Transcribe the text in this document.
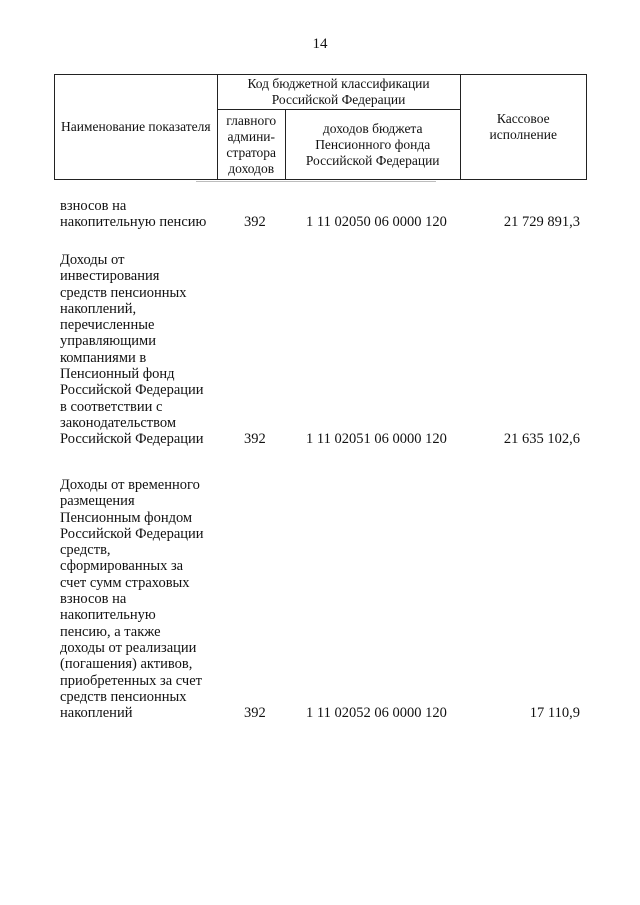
14
Наименование показателя	Код бюджетной классификации Российской Федерации		Кассовое исполнение
	главного админи-стратора доходов	доходов бюджета Пенсионного фонда Российской Федерации	
взносов на
накопительную пенсию	392	1 11 02050 06 0000 120	21 729 891,3
Доходы от
инвестирования
средств пенсионных
накоплений,
перечисленные
управляющими
компаниями в
Пенсионный фонд
Российской Федерации
в соответствии с
законодательством
Российской Федерации	392	1 11 02051 06 0000 120	21 635 102,6
Доходы от временного
размещения
Пенсионным фондом
Российской Федерации
средств,
сформированных за
счет сумм страховых
взносов на
накопительную
пенсию, а также
доходы от реализации
(погашения) активов,
приобретенных за счет
средств пенсионных
накоплений	392	1 11 02052 06 0000 120	17 110,9
